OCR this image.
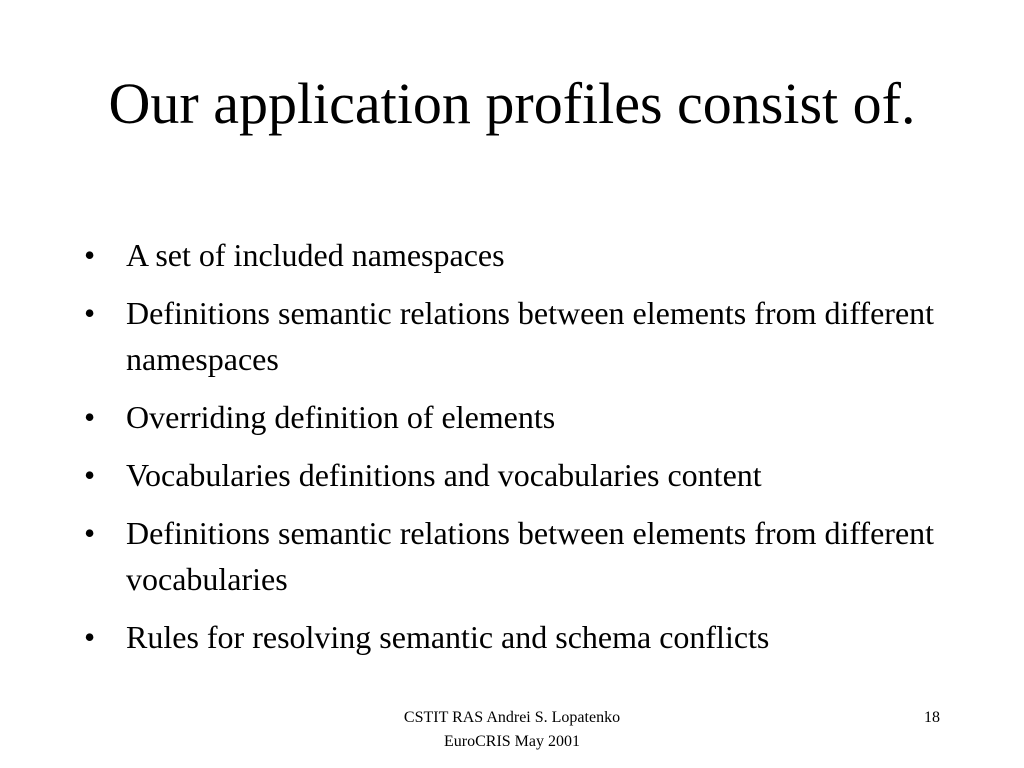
Our application profiles consist of.
• A set of included namespaces
• Definitions semantic relations between elements from different namespaces
• Overriding definition of elements
• Vocabularies definitions and vocabularies content
• Definitions semantic relations between elements from different vocabularies
• Rules for resolving semantic and schema conflicts
CSTIT RAS Andrei S. Lopatenko
EuroCRIS May 2001
18
